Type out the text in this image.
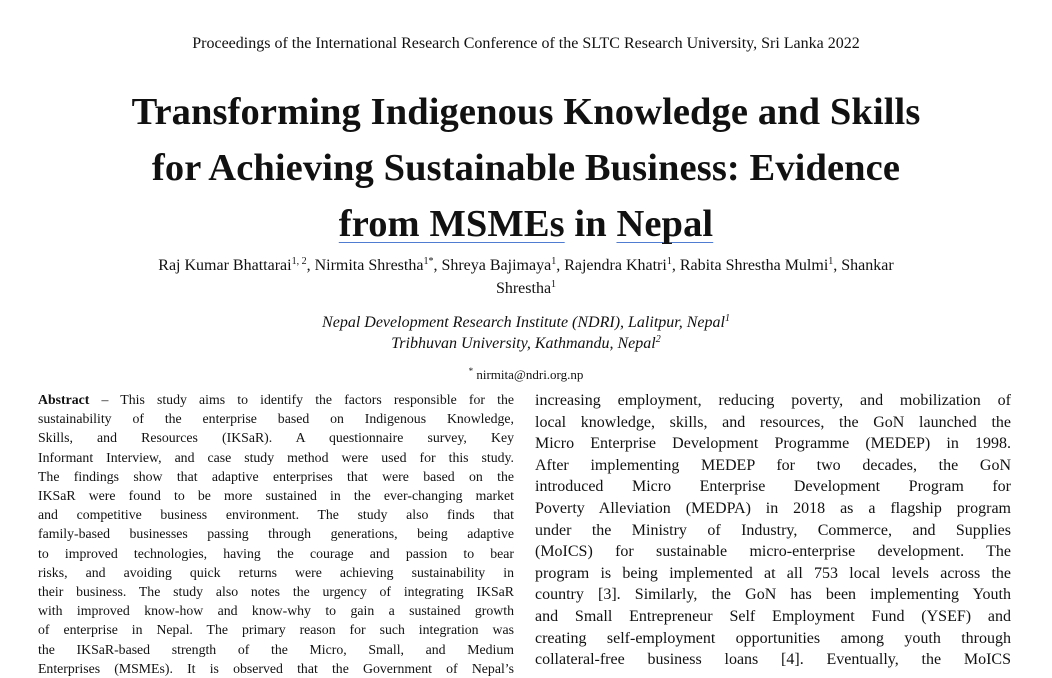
Proceedings of the International Research Conference of the SLTC Research University, Sri Lanka 2022
Transforming Indigenous Knowledge and Skills
for Achieving Sustainable Business: Evidence
from MSMEs in Nepal
Raj Kumar Bhattarai$^{1, 2}$, Nirmita Shrestha$^{1*}$, Shreya Bajimaya$^1$, Rajendra Khatri$^1$, Rabita Shrestha Mulmi$^1$, Shankar
Shrestha$^1$
Nepal Development Research Institute (NDRI), Lalitpur, Nepal$^1$
Tribhuvan University, Kathmandu, Nepal$^2$
* nirmita@ndri.org.np
Abstract – This study aims to identify the factors responsible for the
sustainability of the enterprise based on Indigenous Knowledge,
Skills, and Resources (IKSaR). A questionnaire survey, Key
Informant Interview, and case study method were used for this study.
The findings show that adaptive enterprises that were based on the
IKSaR were found to be more sustained in the ever-changing market
and competitive business environment. The study also finds that
family-based businesses passing through generations, being adaptive
to improved technologies, having the courage and passion to bear
risks, and avoiding quick returns were achieving sustainability in
their business. The study also notes the urgency of integrating IKSaR
with improved know-how and know-why to gain a sustained growth
of enterprise in Nepal. The primary reason for such integration was
the IKSaR-based strength of the Micro, Small, and Medium
Enterprises (MSMEs). It is observed that the Government of Nepal’s
increasing employment, reducing poverty, and mobilization of
local knowledge, skills, and resources, the GoN launched the
Micro Enterprise Development Programme (MEDEP) in 1998.
After implementing MEDEP for two decades, the GoN
introduced Micro Enterprise Development Program for
Poverty Alleviation (MEDPA) in 2018 as a flagship program
under the Ministry of Industry, Commerce, and Supplies
(MoICS) for sustainable micro-enterprise development. The
program is being implemented at all 753 local levels across the
country [3]. Similarly, the GoN has been implementing Youth
and Small Entrepreneur Self Employment Fund (YSEF) and
creating self-employment opportunities among youth through
collateral-free business loans [4]. Eventually, the MoICS
